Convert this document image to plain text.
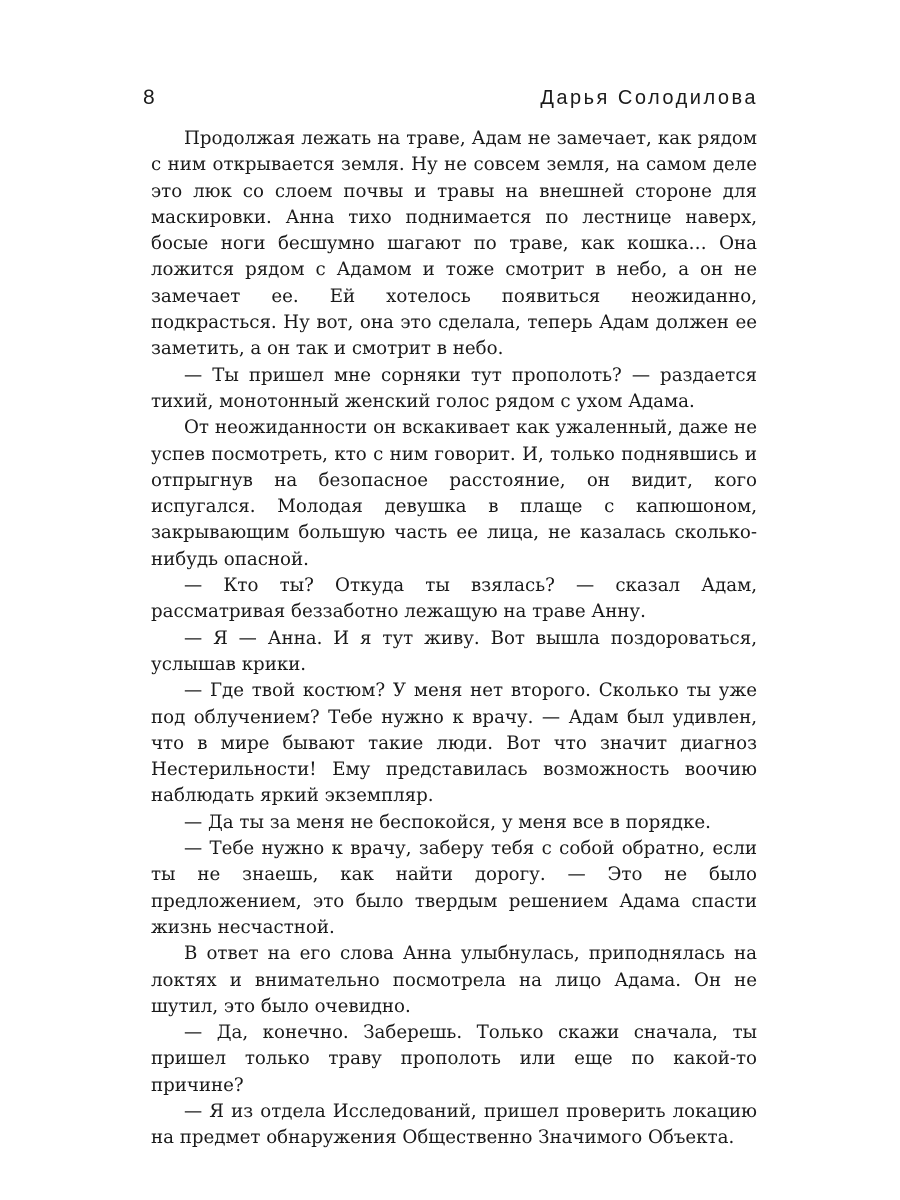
8	Дарья Солодилова

Продолжая лежать на траве, Адам не замечает, как рядом с ним открывается земля. Ну не совсем земля, на самом деле это люк со слоем почвы и травы на внешней стороне для маскировки. Анна тихо поднимается по лестнице наверх, босые ноги бесшумно шагают по траве, как кошка… Она ложится рядом с Адамом и тоже смотрит в небо, а он не замечает ее. Ей хотелось появиться неожиданно, подкрасться. Ну вот, она это сделала, теперь Адам должен ее заметить, а он так и смотрит в небо.

— Ты пришел мне сорняки тут прополоть? — раздается тихий, монотонный женский голос рядом с ухом Адама.

От неожиданности он вскакивает как ужаленный, даже не успев посмотреть, кто с ним говорит. И, только поднявшись и отпрыгнув на безопасное расстояние, он видит, кого испугался. Молодая девушка в плаще с капюшоном, закрывающим большую часть ее лица, не казалась сколько-нибудь опасной.

— Кто ты? Откуда ты взялась? — сказал Адам, рассматривая беззаботно лежащую на траве Анну.

— Я — Анна. И я тут живу. Вот вышла поздороваться, услышав крики.

— Где твой костюм? У меня нет второго. Сколько ты уже под облучением? Тебе нужно к врачу. — Адам был удивлен, что в мире бывают такие люди. Вот что значит диагноз Нестерильности! Ему представилась возможность воочию наблюдать яркий экземпляр.

— Да ты за меня не беспокойся, у меня все в порядке.

— Тебе нужно к врачу, заберу тебя с собой обратно, если ты не знаешь, как найти дорогу. — Это не было предложением, это было твердым решением Адама спасти жизнь несчастной.

В ответ на его слова Анна улыбнулась, приподнялась на локтях и внимательно посмотрела на лицо Адама. Он не шутил, это было очевидно.

— Да, конечно. Заберешь. Только скажи сначала, ты пришел только траву прополоть или еще по какой-то причине?

— Я из отдела Исследований, пришел проверить локацию на предмет обнаружения Общественно Значимого Объекта.
